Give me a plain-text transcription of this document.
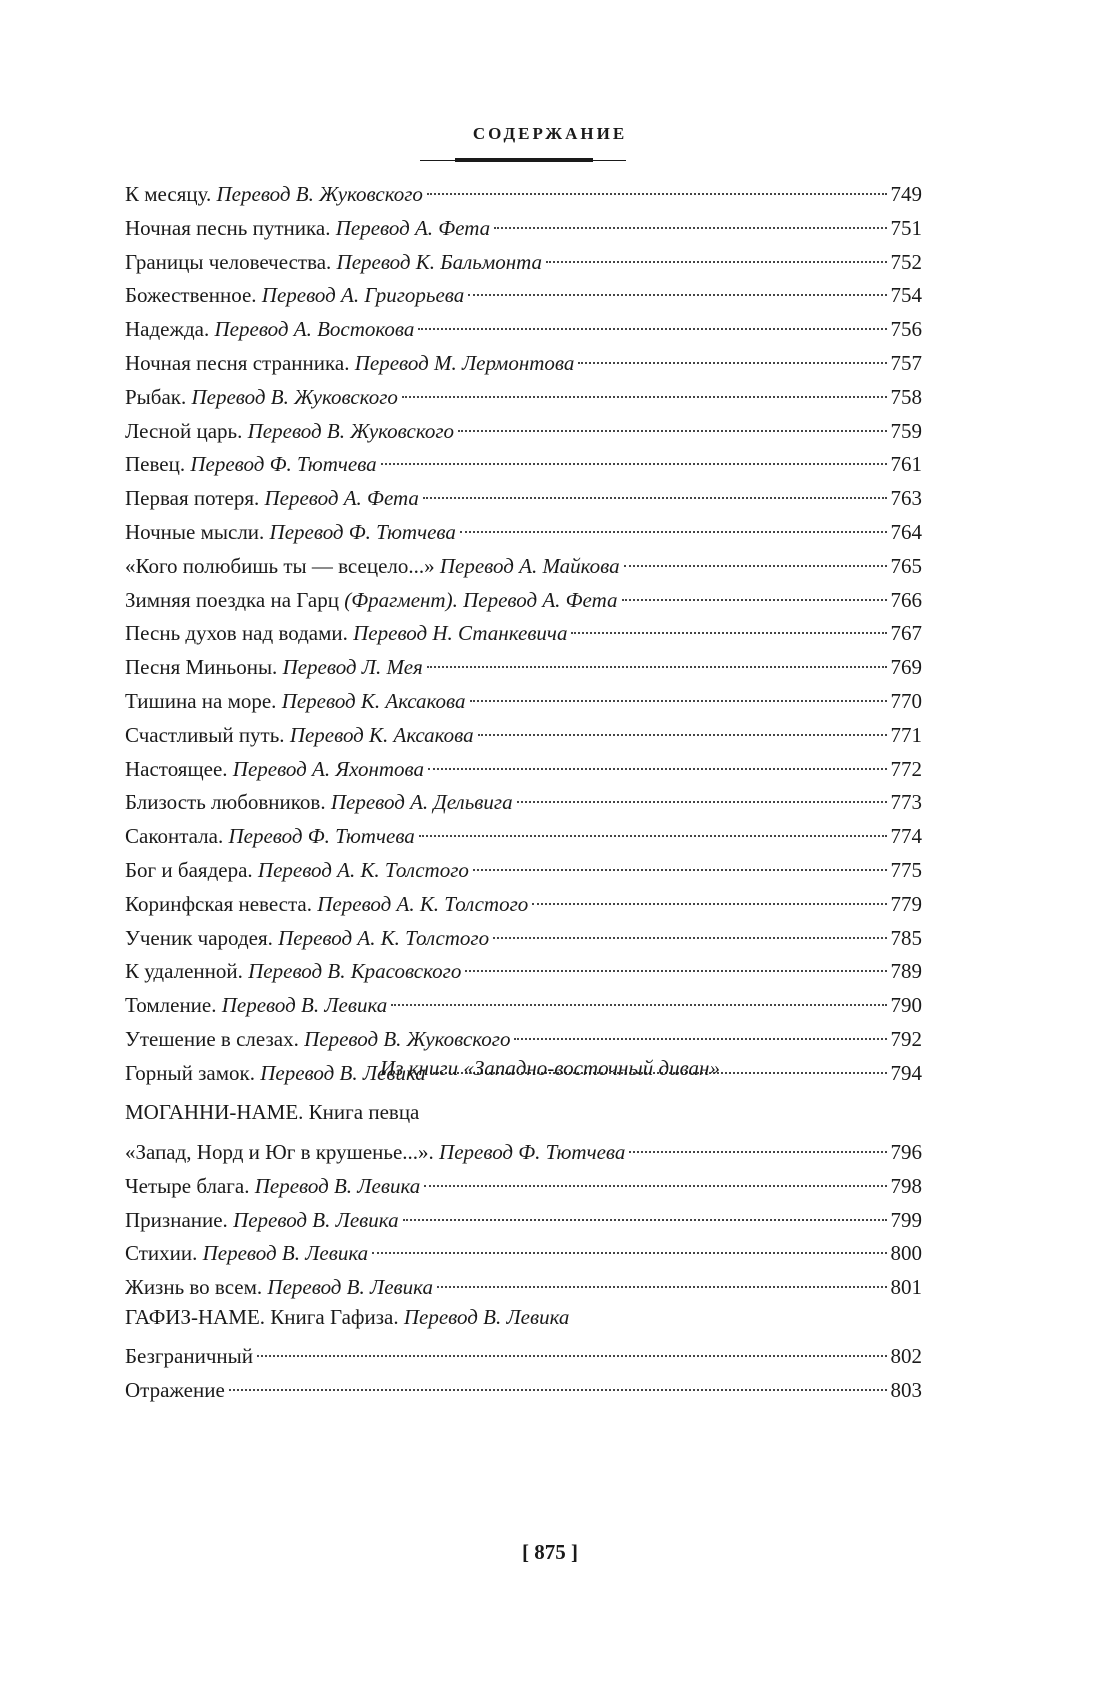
СОДЕРЖАНИЕ
К месяцу. Перевод В. Жуковского	749
Ночная песнь путника. Перевод А. Фета	751
Границы человечества. Перевод К. Бальмонта	752
Божественное. Перевод А. Григорьева	754
Надежда. Перевод А. Востокова	756
Ночная песня странника. Перевод М. Лермонтова	757
Рыбак. Перевод В. Жуковского	758
Лесной царь. Перевод В. Жуковского	759
Певец. Перевод Ф. Тютчева	761
Первая потеря. Перевод А. Фета	763
Ночные мысли. Перевод Ф. Тютчева	764
«Кого полюбишь ты — всецело...» Перевод А. Майкова	765
Зимняя поездка на Гарц (Фрагмент). Перевод А. Фета	766
Песнь духов над водами. Перевод Н. Станкевича	767
Песня Миньоны. Перевод Л. Мея	769
Тишина на море. Перевод К. Аксакова	770
Счастливый путь. Перевод К. Аксакова	771
Настоящее. Перевод А. Яхонтова	772
Близость любовников. Перевод А. Дельвига	773
Саконтала. Перевод Ф. Тютчева	774
Бог и баядера. Перевод А. К. Толстого	775
Коринфская невеста. Перевод А. К. Толстого	779
Ученик чародея. Перевод А. К. Толстого	785
К удаленной. Перевод В. Красовского	789
Томление. Перевод В. Левика	790
Утешение в слезах. Перевод В. Жуковского	792
Горный замок. Перевод В. Левика	794
Из книги «Западно-восточный диван»
МОГАННИ-НАМЕ. Книга певца
«Запад, Норд и Юг в крушенье...». Перевод Ф. Тютчева	796
Четыре блага. Перевод В. Левика	798
Признание. Перевод В. Левика	799
Стихии. Перевод В. Левика	800
Жизнь во всем. Перевод В. Левика	801
ГАФИЗ-НАМЕ. Книга Гафиза. Перевод В. Левика
Безграничный	802
Отражение	803
[ 875 ]
